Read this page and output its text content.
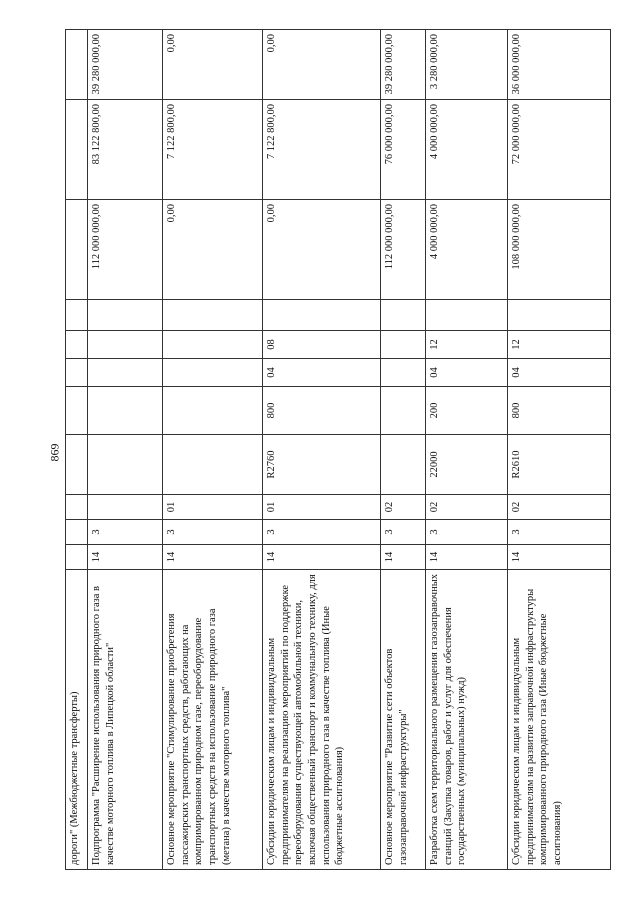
869
дороги" (Межбюджетные трансферты)											
Подпрограмма "Расширение использования природного газа в качестве моторного топлива в Липецкой области"	14	3							112 000 000,00	83 122 800,00	39 280 000,00
Основное мероприятие "Стимулирование приобретения пассажирских транспортных средств, работающих на компримированном природном газе, переоборудование транспортных средств на использование природного газа (метана) в качестве моторного топлива"	14	3	01						0,00	7 122 800,00	0,00
Субсидии юридическим лицам и индивидуальным предпринимателям на реализацию мероприятий по поддержке переоборудования существующей автомобильной техники, включая общественный транспорт и коммунальную технику, для использования природного газа в качестве топлива (Иные бюджетные ассигнования)	14	3	01	R2760	800	04	08		0,00	7 122 800,00	0,00
Основное мероприятие "Развитие сети объектов газозаправочной инфраструктуры"	14	3	02						112 000 000,00	76 000 000,00	39 280 000,00
Разработка схем территориального размещения газозаправочных станций (Закупка товаров, работ и услуг для обеспечения государственных (муниципальных) нужд)	14	3	02	22000	200	04	12		4 000 000,00	4 000 000,00	3 280 000,00
Субсидии юридическим лицам и индивидуальным предпринимателям на развитие заправочной инфраструктуры компримированного природного газа (Иные бюджетные ассигнования)	14	3	02	R2610	800	04	12		108 000 000,00	72 000 000,00	36 000 000,00
